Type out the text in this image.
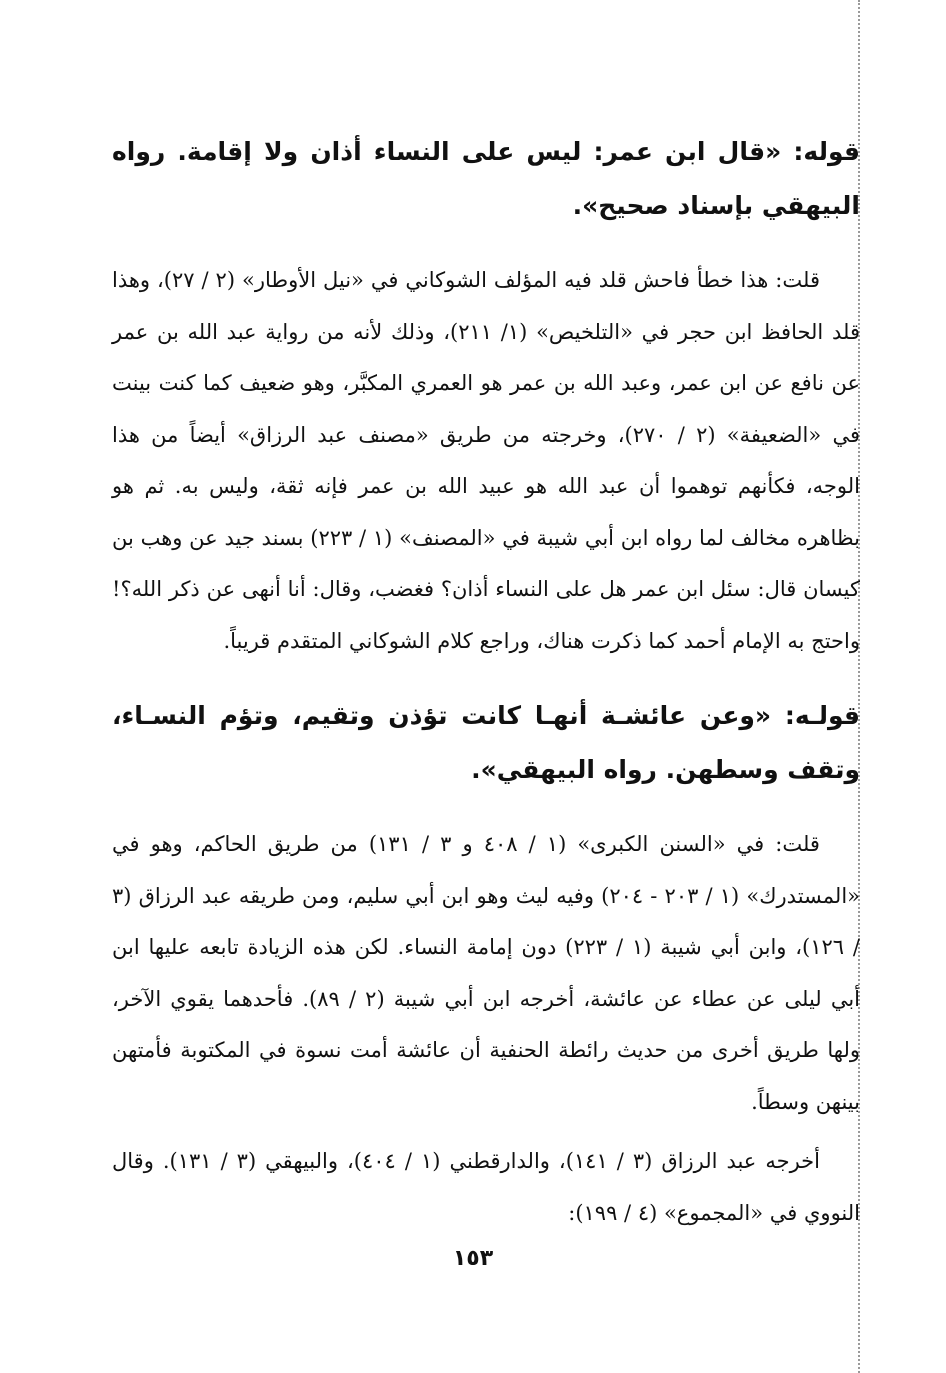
قوله: «قال ابن عمر: ليس على النساء أذان ولا إقامة. رواه البيهقي بإسناد صحيح».

قلت: هذا خطأ فاحش قلد فيه المؤلف الشوكاني في «نيل الأوطار» (٢ / ٢٧)، وهذا قلد الحافظ ابن حجر في «التلخيص» (١/ ٢١١)، وذلك لأنه من رواية عبد الله بن عمر عن نافع عن ابن عمر، وعبد الله بن عمر هو العمري المكبَّر، وهو ضعيف كما كنت بينت في «الضعيفة» (٢ / ٢٧٠)، وخرجته من طريق «مصنف عبد الرزاق» أيضاً من هذا الوجه، فكأنهم توهموا أن عبد الله هو عبيد الله بن عمر فإنه ثقة، وليس به. ثم هو بظاهره مخالف لما رواه ابن أبي شيبة في «المصنف» (١ / ٢٢٣) بسند جيد عن وهب بن كيسان قال: سئل ابن عمر هل على النساء أذان؟ فغضب، وقال: أنا أنهى عن ذكر الله؟! واحتج به الإمام أحمد كما ذكرت هناك، وراجع كلام الشوكاني المتقدم قريباً.

قولـه: «وعن عائشـة أنهـا كانت تؤذن وتقيم، وتؤم النسـاء، وتقف وسطهن. رواه البيهقي».

قلت: في «السنن الكبرى» (١ / ٤٠٨ و ٣ / ١٣١) من طريق الحاكم، وهو في «المستدرك» (١ / ٢٠٣ - ٢٠٤) وفيه ليث وهو ابن أبي سليم، ومن طريقه عبد الرزاق (٣ / ١٢٦)، وابن أبي شيبة (١ / ٢٢٣) دون إمامة النساء. لكن هذه الزيادة تابعه عليها ابن أبي ليلى عن عطاء عن عائشة، أخرجه ابن أبي شيبة (٢ / ٨٩). فأحدهما يقوي الآخر، ولها طريق أخرى من حديث رائطة الحنفية أن عائشة أمت نسوة في المكتوبة فأمتهن بينهن وسطاً.

أخرجه عبد الرزاق (٣ / ١٤١)، والدارقطني (١ / ٤٠٤)، والبيهقي (٣ / ١٣١). وقال النووي في «المجموع» (٤ / ١٩٩):

١٥٣
